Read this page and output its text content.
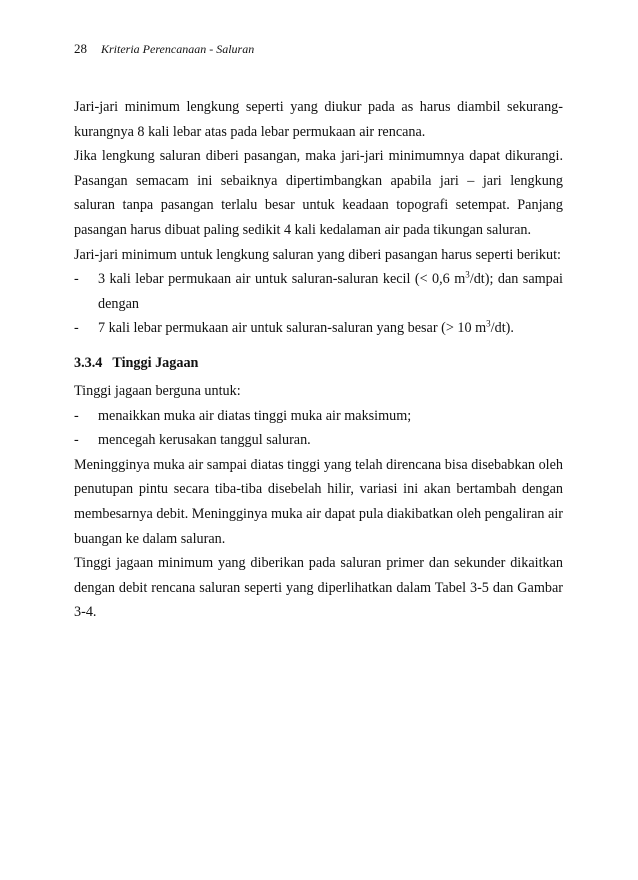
28 Kriteria Perencanaan - Saluran

Jari-jari minimum lengkung seperti yang diukur pada as harus diambil sekurang-kurangnya 8 kali lebar atas pada lebar permukaan air rencana.

Jika lengkung saluran diberi pasangan, maka jari-jari minimumnya dapat dikurangi. Pasangan semacam ini sebaiknya dipertimbangkan apabila jari – jari lengkung saluran tanpa pasangan terlalu besar untuk keadaan topografi setempat. Panjang pasangan harus dibuat paling sedikit 4 kali kedalaman air pada tikungan saluran.

Jari-jari minimum untuk lengkung saluran yang diberi pasangan harus seperti berikut:

- 3 kali lebar permukaan air untuk saluran-saluran kecil (< 0,6 $m^3/dt$); dan sampai dengan
- 7 kali lebar permukaan air untuk saluran-saluran yang besar (> 10 $m^3/dt$).
3.3.4 Tinggi Jagaan

Tinggi jagaan berguna untuk:

- menaikkan muka air diatas tinggi muka air maksimum;
- mencegah kerusakan tanggul saluran.

Meningginya muka air sampai diatas tinggi yang telah direncana bisa disebabkan oleh penutupan pintu secara tiba-tiba disebelah hilir, variasi ini akan bertambah dengan membesarnya debit. Meningginya muka air dapat pula diakibatkan oleh pengaliran air buangan ke dalam saluran.

Tinggi jagaan minimum yang diberikan pada saluran primer dan sekunder dikaitkan dengan debit rencana saluran seperti yang diperlihatkan dalam Tabel 3-5 dan Gambar 3-4.
